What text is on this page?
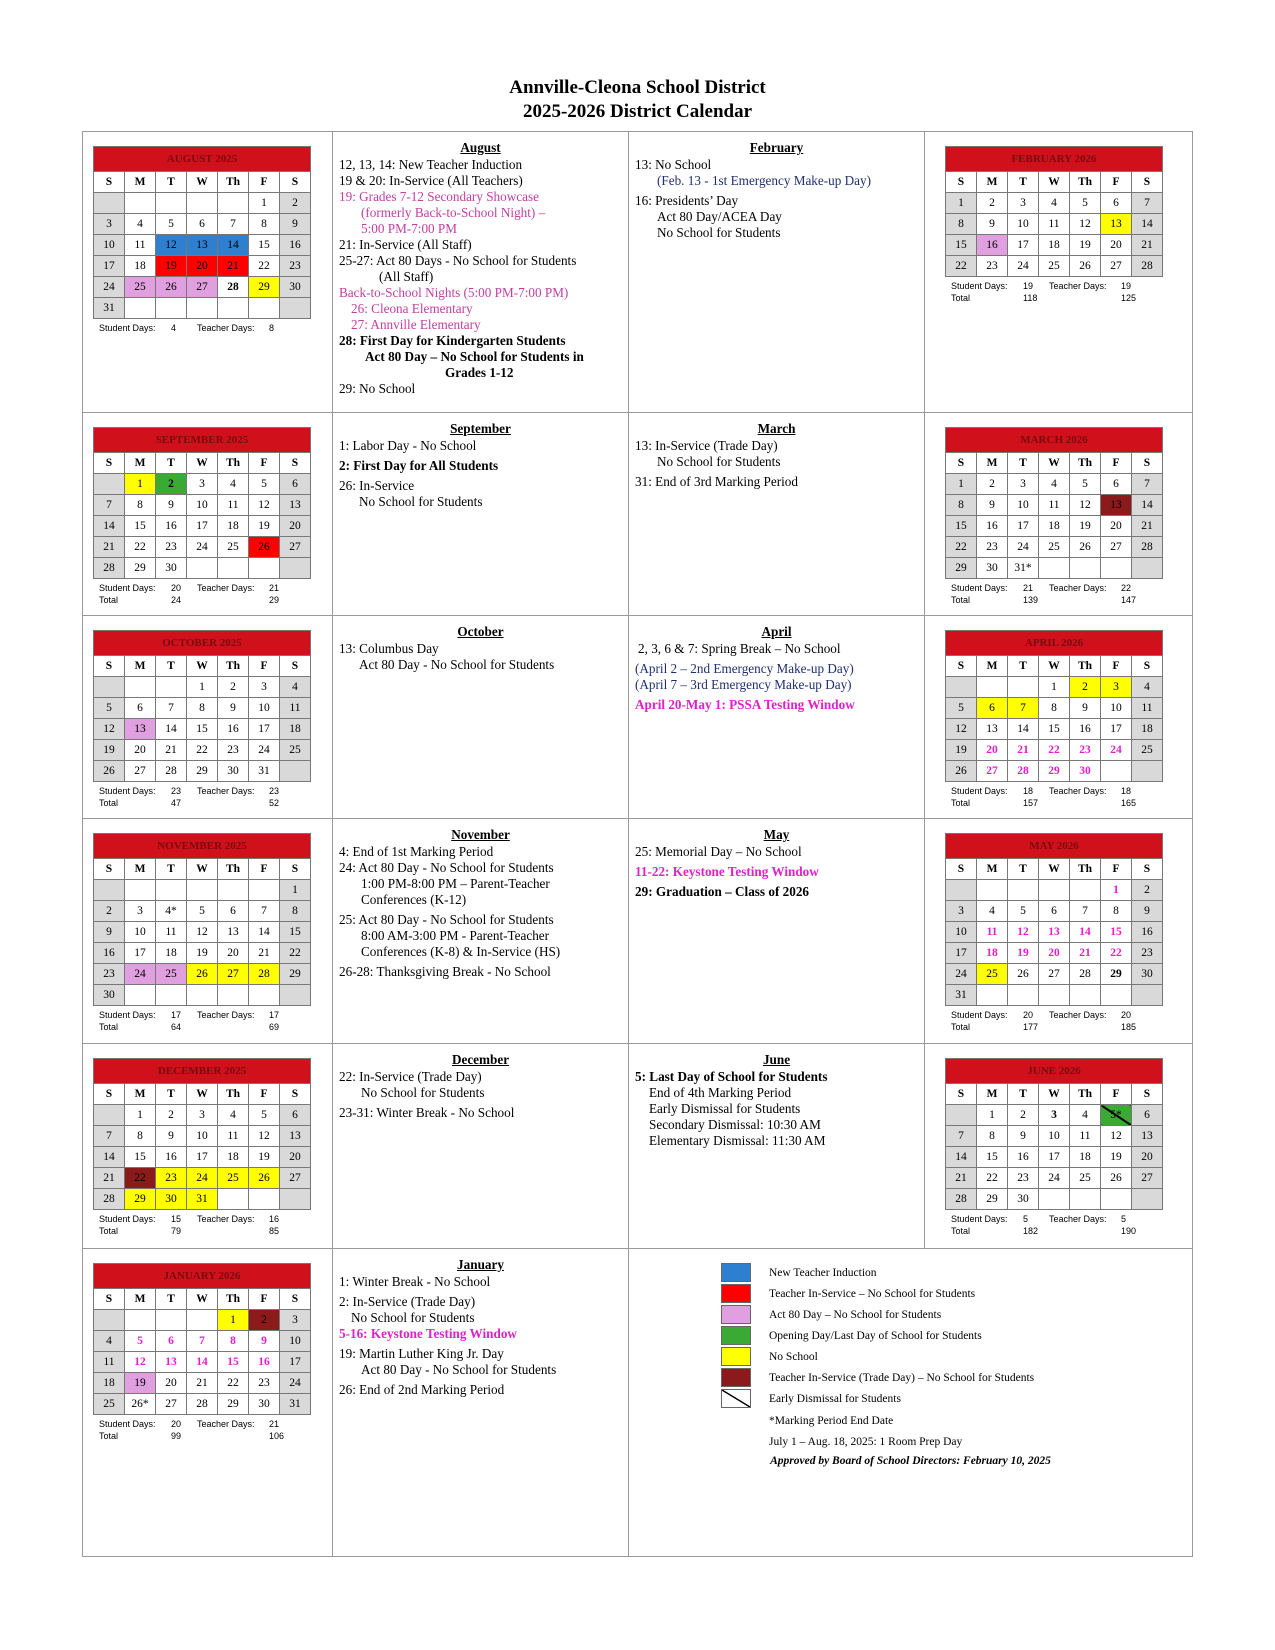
Annville-Cleona School District
2025-2026 District Calendar
AUGUST 2025						
S	M	T	W	Th	F	S
					1	2
3	4	5	6	7	8	9
10	11	12	13	14	15	16
17	18	19	20	21	22	23
24	25	26	27	28	29	30
31						
Student Days: 4 Teacher Days: 8
August
12, 13, 14: New Teacher Induction
19 & 20: In-Service (All Teachers)
19: Grades 7-12 Secondary Showcase
(formerly Back-to-School Night) –
5:00 PM-7:00 PM
21: In-Service (All Staff)
25-27: Act 80 Days - No School for Students
(All Staff)
Back-to-School Nights (5:00 PM-7:00 PM)
26: Cleona Elementary
27: Annville Elementary
28: First Day for Kindergarten Students
Act 80 Day – No School for Students in
Grades 1-12
29: No School
February
13: No School
(Feb. 13 - 1st Emergency Make-up Day)
16: Presidents’ Day
Act 80 Day/ACEA Day
No School for Students
FEBRUARY 2026						
S	M	T	W	Th	F	S
1	2	3	4	5	6	7
8	9	10	11	12	13	14
15	16	17	18	19	20	21
22	23	24	25	26	27	28
Student Days: 19 Teacher Days: 19
Total	118	125
SEPTEMBER 2025						
S	M	T	W	Th	F	S
	1	2	3	4	5	6
7	8	9	10	11	12	13
14	15	16	17	18	19	20
21	22	23	24	25	26	27
28	29	30				
Student Days: 20 Teacher Days: 21
Total	24	29
September
1: Labor Day - No School
2: First Day for All Students
26: In-Service
No School for Students
March
13: In-Service (Trade Day)
No School for Students
31: End of 3rd Marking Period
MARCH 2026						
S	M	T	W	Th	F	S
1	2	3	4	5	6	7
8	9	10	11	12	13	14
15	16	17	18	19	20	21
22	23	24	25	26	27	28
29	30	31*				
Student Days: 21 Teacher Days: 22
Total	139	147
OCTOBER 2025						
S	M	T	W	Th	F	S
			1	2	3	4
5	6	7	8	9	10	11
12	13	14	15	16	17	18
19	20	21	22	23	24	25
26	27	28	29	30	31	
Student Days: 23 Teacher Days: 23
Total	47	52
October
13: Columbus Day
Act 80 Day - No School for Students
April
2, 3, 6 & 7: Spring Break – No School
(April 2 – 2nd Emergency Make-up Day)
(April 7 – 3rd Emergency Make-up Day)
April 20-May 1: PSSA Testing Window
APRIL 2026						
S	M	T	W	Th	F	S
			1	2	3	4
5	6	7	8	9	10	11
12	13	14	15	16	17	18
19	20	21	22	23	24	25
26	27	28	29	30		
Student Days: 18 Teacher Days: 18
Total	157	165
NOVEMBER 2025						
S	M	T	W	Th	F	S
						1
2	3	4*	5	6	7	8
9	10	11	12	13	14	15
16	17	18	19	20	21	22
23	24	25	26	27	28	29
30						
Student Days: 17 Teacher Days: 17
Total	64	69
November
4: End of 1st Marking Period
24: Act 80 Day - No School for Students
1:00 PM-8:00 PM – Parent-Teacher
Conferences (K-12)
25: Act 80 Day - No School for Students
8:00 AM-3:00 PM - Parent-Teacher
Conferences (K-8) & In-Service (HS)
26-28: Thanksgiving Break - No School
May
25: Memorial Day – No School
11-22: Keystone Testing Window
29: Graduation – Class of 2026
MAY 2026						
S	M	T	W	Th	F	S
					1	2
3	4	5	6	7	8	9
10	11	12	13	14	15	16
17	18	19	20	21	22	23
24	25	26	27	28	29	30
31						
Student Days: 20 Teacher Days: 20
Total	177	185
DECEMBER 2025						
S	M	T	W	Th	F	S
	1	2	3	4	5	6
7	8	9	10	11	12	13
14	15	16	17	18	19	20
21	22	23	24	25	26	27
28	29	30	31			
Student Days: 15 Teacher Days: 16
Total	79	85
December
22: In-Service (Trade Day)
No School for Students
23-31: Winter Break - No School
June
5: Last Day of School for Students
End of 4th Marking Period
Early Dismissal for Students
Secondary Dismissal: 10:30 AM
Elementary Dismissal: 11:30 AM
JUNE 2026						
S	M	T	W	Th	F	S
	1	2	3	4	5*	6
7	8	9	10	11	12	13
14	15	16	17	18	19	20
21	22	23	24	25	26	27
28	29	30				
Student Days: 5 Teacher Days: 5
Total	182	190
JANUARY 2026						
S	M	T	W	Th	F	S
				1	2	3
4	5	6	7	8	9	10
11	12	13	14	15	16	17
18	19	20	21	22	23	24
25	26*	27	28	29	30	31
Student Days: 20 Teacher Days: 21
Total	99	106
January
1: Winter Break - No School
2: In-Service (Trade Day)
No School for Students
5-16: Keystone Testing Window
19: Martin Luther King Jr. Day
Act 80 Day - No School for Students
26: End of 2nd Marking Period
New Teacher Induction
Teacher In-Service – No School for Students
Act 80 Day – No School for Students
Opening Day/Last Day of School for Students
No School
Teacher In-Service (Trade Day) – No School for Students
Early Dismissal for Students
*Marking Period End Date
July 1 – Aug. 18, 2025: 1 Room Prep Day
Approved by Board of School Directors: February 10, 2025
